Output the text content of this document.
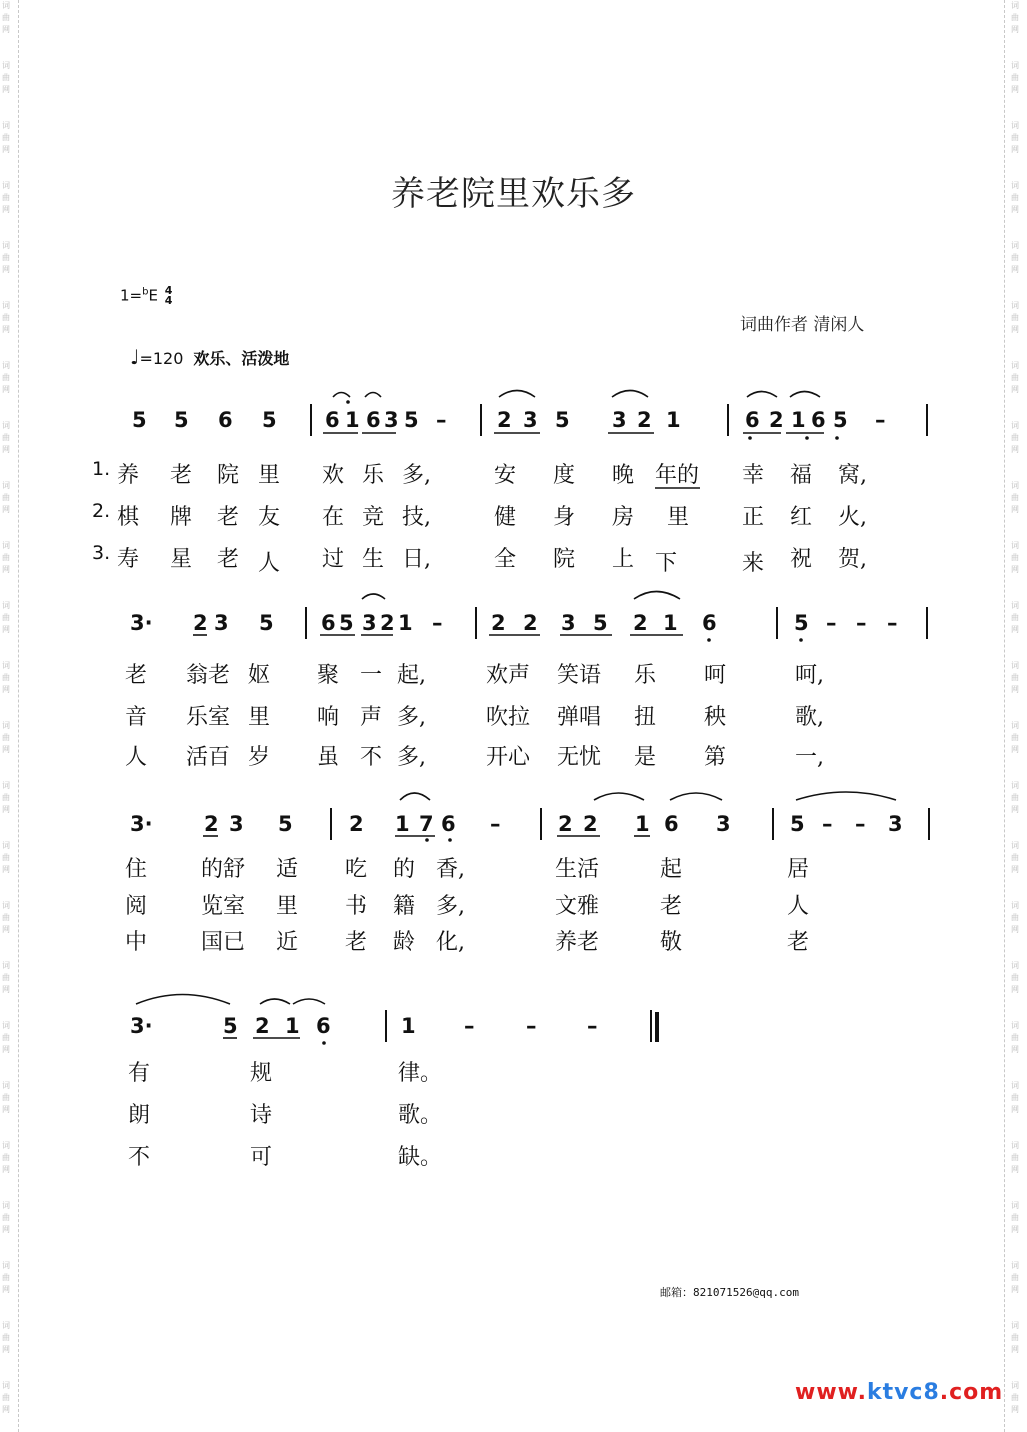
词
曲
网
词
曲
网
词
曲
网
词
曲
网
词
曲
网
词
曲
网
词
曲
网
词
曲
网
词
曲
网
词
曲
网
词
曲
网
词
曲
网
词
曲
网
词
曲
网
词
曲
网
词
曲
网
词
曲
网
词
曲
网
词
曲
网
词
曲
网
词
曲
网
词
曲
网
词
曲
网
词
曲
网
词
曲
网
词
曲
网
词
曲
网
词
曲
网
词
曲
网
词
曲
网
词
曲
网
词
曲
网
词
曲
网
词
曲
网
词
曲
网
词
曲
网
词
曲
网
词
曲
网
词
曲
网
词
曲
网
词
曲
网
词
曲
网
词
曲
网
词
曲
网
词
曲
网
词
曲
网
词
曲
网
词
曲
网
养老院里欢乐多
1=$^b$E 4
4
词曲作者 清闲人
♩=120 欢乐、活泼地
5 5 6 5 6 1 6 3 5 – 2 3 5 3 2 1	6 2 1 6 5 –
1. 养 老 院 里 欢 乐 多,	安 度 晚 年的 幸 福 窝,
2. 棋 牌 老 友 在 竞 技,	健 身 房 里 正 红 火,
3. 寿 星 老 人 过 生 日,	全 院 上 下	来 祝 贺,
3· 2 3 5 6 5 3 2 1 – 2 2 3 5 2 1 6	5 – – –
老 翁老 妪 聚 一 起,	欢声 笑语 乐 呵	呵,
音 乐室 里 响 声 多,	吹拉 弹唱 扭 秧	歌,
人 活百 岁 虽 不 多,	开心 无忧 是 第	一,
3· 2 3 5	2 1 7 6 –	2 2 1 6 3	5 – – 3
住 的舒 适 吃 的 香,	生活	起	居
阅 览室 里 书 籍 多,	文雅	老	人
中 国已 近 老 龄 化,	养老	敬	老
3·	5 2 1 6	1 – – –
有	规	律。
朗	诗	歌。
不	可	缺。
邮箱：821071526@qq.com
www.ktvc8.com
